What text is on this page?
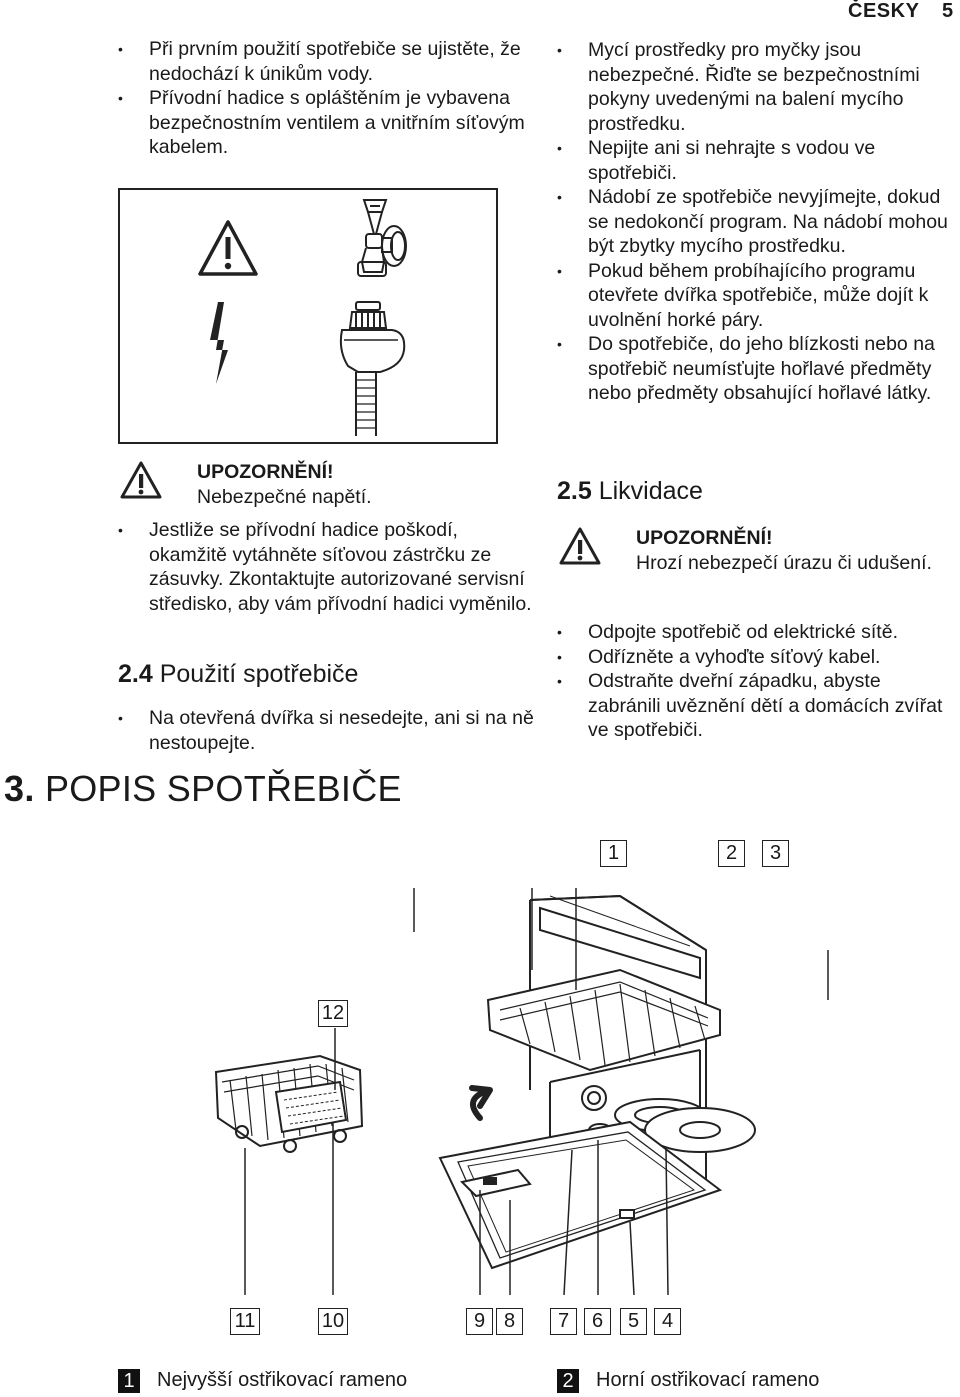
ČESKY 5
• Při prvním použití spotřebiče se ujistěte, že nedochází k únikům vody.
• Přívodní hadice s opláštěním je vybavena bezpečnostním ventilem a vnitřním síťovým kabelem.
UPOZORNĚNÍ!
Nebezpečné napětí.
• Jestliže se přívodní hadice poškodí, okamžitě vytáhněte síťovou zástrčku ze zásuvky. Zkontaktujte autorizované servisní středisko, aby vám přívodní hadici vyměnilo.
2.4 Použití spotřebiče
• Na otevřená dvířka si nesedejte, ani si na ně nestoupejte.
• Mycí prostředky pro myčky jsou nebezpečné. Řiďte se bezpečnostními pokyny uvedenými na balení mycího prostředku.
• Nepijte ani si nehrajte s vodou ve spotřebiči.
• Nádobí ze spotřebiče nevyjímejte, dokud se nedokončí program. Na nádobí mohou být zbytky mycího prostředku.
• Pokud během probíhajícího programu otevřete dvířka spotřebiče, může dojít k uvolnění horké páry.
• Do spotřebiče, do jeho blízkosti nebo na spotřebič neumísťujte hořlavé předměty nebo předměty obsahující hořlavé látky.
2.5 Likvidace
UPOZORNĚNÍ!
Hrozí nebezpečí úrazu či udušení.
• Odpojte spotřebič od elektrické sítě.
• Odřízněte a vyhoďte síťový kabel.
• Odstraňte dveřní západku, abyste zabránili uvěznění dětí a domácích zvířat ve spotřebiči.
3. POPIS SPOTŘEBIČE
1	2	3
12
11	10	9 8	7	6	5	4
1 Nejvyšší ostřikovací rameno	2 Horní ostřikovací rameno
